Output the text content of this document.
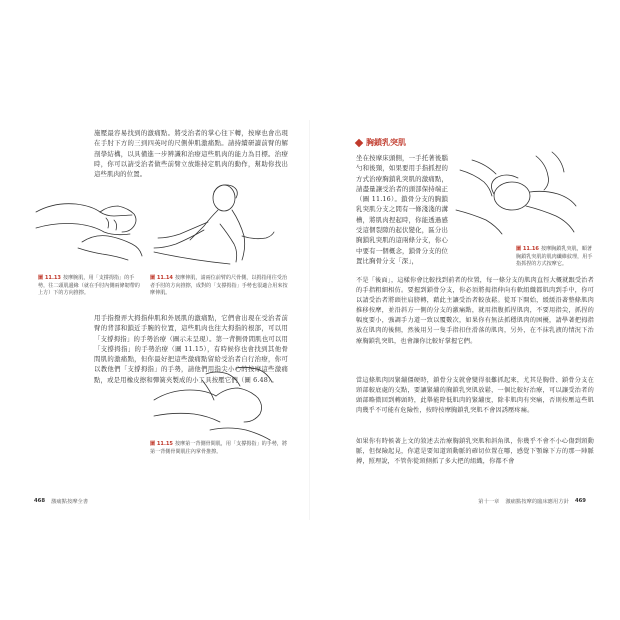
施壓最容易找到的激痛點。將受治者的掌心往下轉，按摩也會出現在手肘下方的三到四英吋的尺側伸肌激痛點。請持續研讀前臂的解剖學結構，以具備進一步辨識和治療這些肌肉的能力為目標。治療時，你可以請受治者做些前臂立放維持定肌肉的動作，幫助你找出這些肌肉的位置。
圖 11.13 按摩腕肌，用「支撐拇指」的手勢，往二頭肌邊緣（就在手肘內側兩條韌帶的上方）下的方向推擦。
圖 11.14 按摩伸肌，請兩位前臂的尺骨側，以拇指用往受治者手肘的方向推擦，成對的「支撐拇指」手勢也很適合用來按摩伸肌。
用手指撥弄大拇指伸肌和外展肌的激痛點，它們會出現在受治者前臂的背部和鎖近手腕的位置，這些肌肉也往大拇指的根部，可以用「支撐拇指」的手勢治療（圖示未呈現）。第一背側骨間肌也可以用「支撐拇指」的手勢治療（圖 11.15），有時候你也會找到其他骨間肌的激痛點，但你最好把這些激痛點留給受治者自行治療，你可以教他們「支撐拇指」的手勢，請他們用指尖小心的按摩這些激痛點，或是用橡皮擦和彈簧夾製成的小工具按壓它們（圖 6.48）。
圖 11.15 按摩第一背側骨間肌，用「支撐拇指」的手勢，將第一背側骨間肌往內掌骨推擦。
468 激痛點按摩全書
胸鎖乳突肌
坐在按摩床頭側，一手托著後腦勺和後頸，如果要用手指抓捏的方式治療胸鎖乳突肌的激痛點，請盡量讓受治者的頭部保持端正（圖 11.16）。鎖骨分支的胸鎖乳突肌分支之間有一條淺淺的溝槽，將肌肉捏起時，你能透過感受這個裂隙的起伏變化，區分出胸鎖乳突肌的這兩條分支，你心中要有一個概念，鎖骨分支的位置比胸骨分支「深」，
圖 11.16 按摩胸鎖乳突肌，順著胸鎖乳突肌的肌肉纖維紋理，用手指抓捏的方式按摩它。
不是「後面」，這樣你會比較找到前者的位置，每一條分支的肌肉直徑大概就跟受治者的手指粗細相仿。要握到鎖骨分支，你必須將拇指伸向有軟組織都肌肉到手中，你可以請受治者將頭往肩膀轉，藉此主讓受治者較放鬆。從耳下開始，緩緩沿著整條肌肉推移按摩，並沿斜方一側的分支的激痛點，就用指腹抓捏肌肉，不要用指尖，抓捏的幅度要小，強調手力道一致以覆數次，如果你有無法抓穩肌肉的困擾，請學著把拇指放在肌肉的後側，然後用另一隻手指扣住滑落的肌肉，另外，在不抹乳液的情況下治療胸鎖乳突肌，也會讓你比較好掌握它們。
當這條肌肉因緊繃僵硬時，鎖骨分支就會變得很難抓起來，尤其是胸骨、鎖骨分支在頸部較底處的交點，要讓緊繃的胸鎖乳突肌放鬆，一個比較好治療，可以讓受治者的頭部略微回到轉頭時，此舉能降低肌肉的緊繃度，除非肌肉有突痛，否則按壓這些肌肉幾乎不可能有危險性，按時按摩胸鎖乳突肌不會因誘壓疼痛。
如果你有時候著上文的敘述去治療胸鎖乳突肌和斜角肌，你幾乎不會不小心傷到頸動脈，但保險起見，你還是要知道頸動脈的確切位置在哪，感覺下顎線下方的那一陣脈搏，照理說，不管你從頸側抓了多大把的組織，你都不會
第十一章 激痛點按摩的臨床應用方針 469
